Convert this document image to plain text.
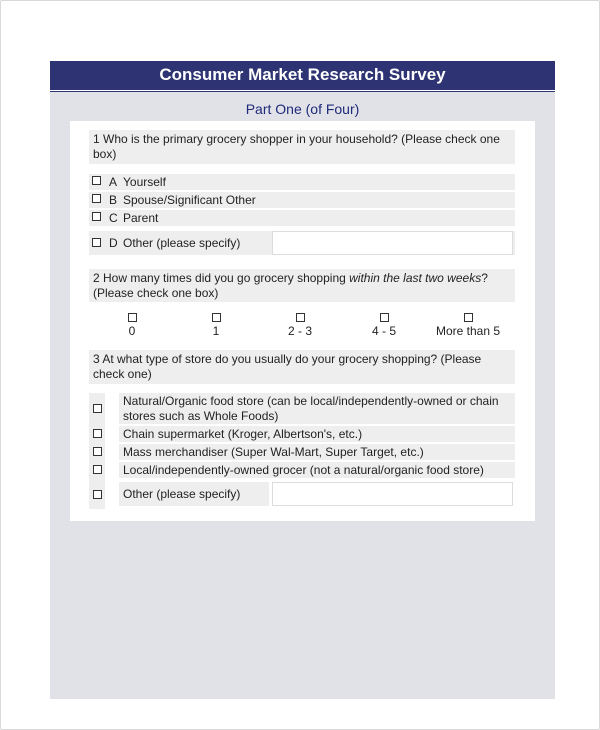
Consumer Market Research Survey
Part One (of Four)
1 Who is the primary grocery shopper in your household? (Please check one box)
A Yourself
B Spouse/Significant Other
C Parent
D Other (please specify)
2 How many times did you go grocery shopping within the last two weeks? (Please check one box)
0	1	2 - 3	4 - 5	More than 5
3 At what type of store do you usually do your grocery shopping? (Please check one)
Natural/Organic food store (can be local/independently-owned or chain stores such as Whole Foods)
Chain supermarket (Kroger, Albertson's, etc.)
Mass merchandiser (Super Wal-Mart, Super Target, etc.)
Local/independently-owned grocer (not a natural/organic food store)
Other (please specify)
